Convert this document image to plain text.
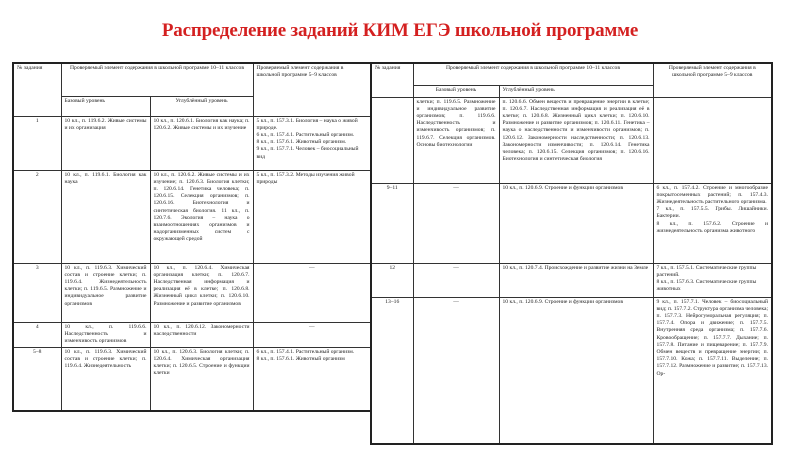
Распределение заданий КИМ ЕГЭ школьной программе
№ задания	Проверяемый элемент содержания в школьной программе 10–11 классов		Проверяемый элемент содержания в школьной программе 5–9 классов
	Базовый уровень	Углублённый уровень	
1	10 кл., п. 119.6.2. Живые системы и их организация	10 кл., п. 120.6.1. Биология как наука; п. 120.6.2. Живые системы и их изучение	5 кл., п. 157.3.1. Биология – наука о живой природе.

6 кл., п. 157.4.1. Растительный организм.

8 кл., п. 157.6.1. Животный организм.

9 кл., п. 157.7.1. Человек – биосоциальный вид

2	10 кл., п. 119.6.1. Биология как наука	10 кл., п. 120.6.2. Живые системы и их изучение; п. 120.6.3. Биология клетки; п. 120.6.14. Генетика человека; п. 120.6.15. Селекция организмов; п. 120.6.16. Биотехнология и синтетическая биология. 11 кл., п. 120.7.6. Экология – наука о взаимоотношениях организмов и надорганизменных систем с окружающей средой	5 кл., п. 157.3.2. Методы изучения живой природы

3	10 кл., п. 119.6.3. Химический состав и строение клетки; п. 119.6.4. Жизнедеятельность клетки; п. 119.6.5. Размножение и индивидуальное развитие организмов	10 кл., п. 120.6.4. Химическая организация клетки; п. 120.6.7. Наследственная информация и реализация её в клетке; п. 120.6.8. Жизненный цикл клетки; п. 120.6.10. Размножение и развитие организмов	—
4	10 кл., п. 119.6.6. Наследственность и изменчивость организмов	10 кл., п. 120.6.12. Закономерности наследственности	—
5–8	10 кл., п. 119.6.3. Химический состав и строение клетки; п. 119.6.4. Жизнедеятельность	10 кл., п. 120.6.3. Биология клетки; п. 120.6.4. Химическая организация клетки; п. 120.6.5. Строение и функции клетки	6 кл., п. 157.4.1. Растительный организм.

8 кл., п. 157.6.1. Животный организм

№ задания	Проверяемый элемент содержания в школьной программе 10–11 классов		Проверяемый элемент содержания в школьной программе 5–9 классов
	Базовый уровень	Углублённый уровень	
	клетки; п. 119.6.5. Размножение и индивидуальное развитие организмов; п. 119.6.6. Наследственность и изменчивость организмов; п. 119.6.7. Селекция организмов. Основы биотехнологии	п. 120.6.6. Обмен веществ и превращение энергии в клетке; п. 120.6.7. Наследственная информация и реализация её в клетке; п. 120.6.8. Жизненный цикл клетки; п. 120.6.10. Размножение и развитие организмов; п. 120.6.11. Генетика – наука о наследственности и изменчивости организмов; п. 120.6.12. Закономерности наследственности; п. 120.6.13. Закономерности изменчивости; п. 120.6.14. Генетика человека; п. 120.6.15. Селекция организмов; п. 120.6.16. Биотехнология и синтетическая биология	
9–11	—	10 кл., п. 120.6.9. Строение и функции организмов	6 кл., п. 157.4.2. Строение и многообразие покрытосеменных растений; п. 157.4.3. Жизнедеятельность растительного организма.

7 кл., п. 157.5.5. Грибы. Лишайники. Бактерии.

8 кл., п. 157.6.2. Строение и жизнедеятельность организма животного

12	—	10 кл., п. 120.7.4. Происхождение и развитие жизни на Земле	7 кл., п. 157.5.1. Систематические группы растений.

8 кл., п. 157.6.3. Систематические группы животных

13–16	—	10 кл., п. 120.6.9. Строение и функции организмов	9 кл., п. 157.7.1. Человек – биосоциальный вид; п. 157.7.2. Структура организма человека; п. 157.7.3. Нейрогуморальная регуляция; п. 157.7.4. Опора и движение; п. 157.7.5. Внутренняя среда организма; п. 157.7.6. Кровообращение; п. 157.7.7. Дыхание; п. 157.7.8. Питание и пищеварение; п. 157.7.9. Обмен веществ и превращение энергии; п. 157.7.10. Кожа; п. 157.7.11. Выделение; п. 157.7.12. Размножение и развитие; п. 157.7.13. Ор-
